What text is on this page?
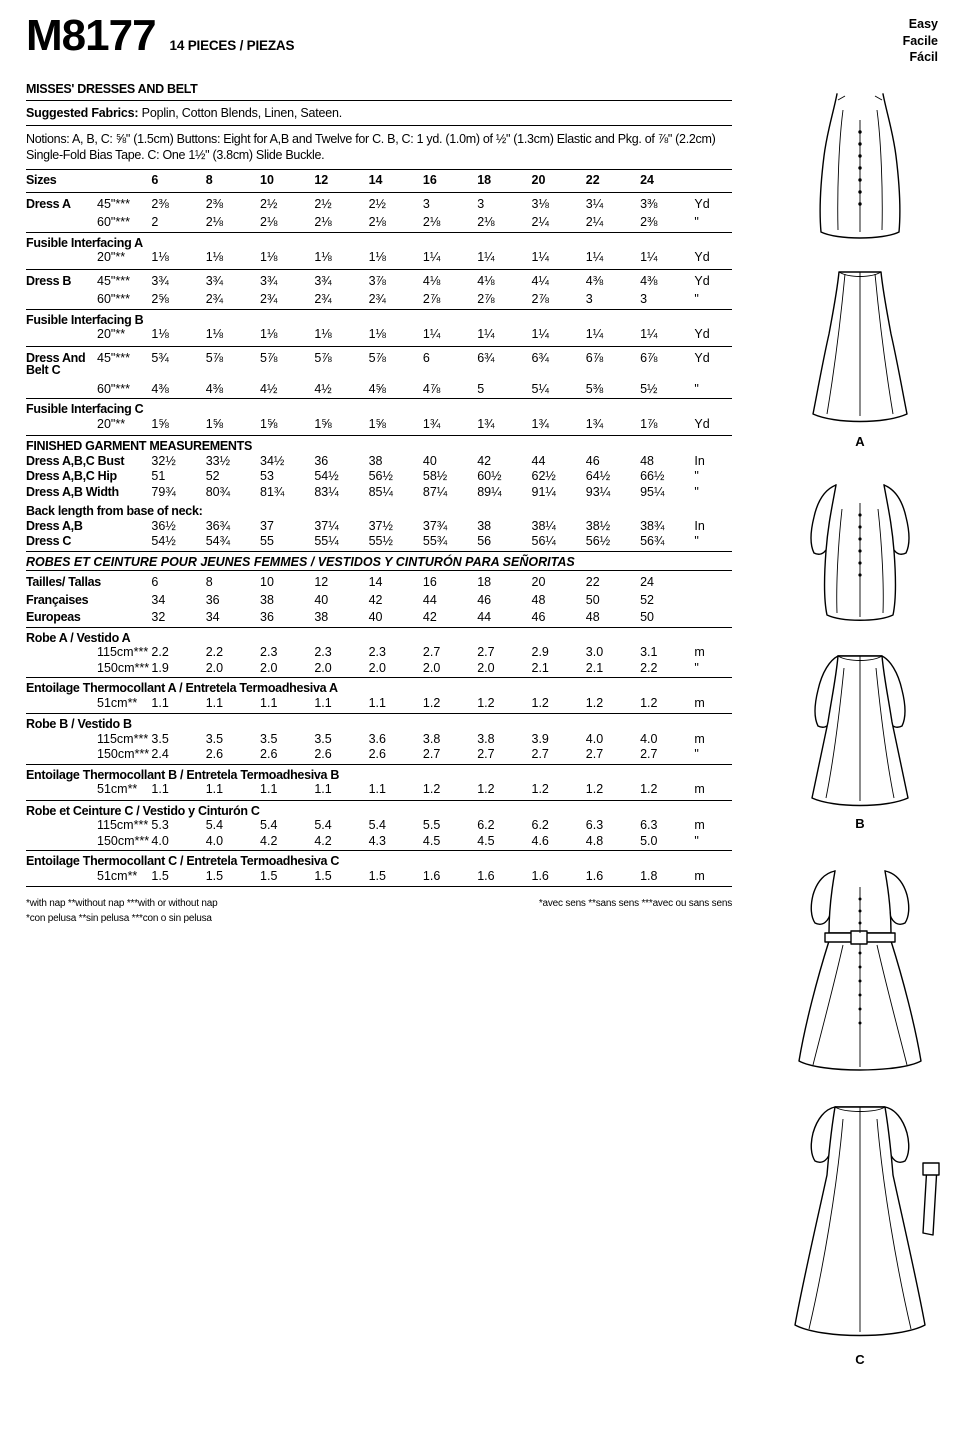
M8177 14 PIECES / PIEZAS
MISSES' DRESSES AND BELT
Suggested Fabrics: Poplin, Cotton Blends, Linen, Sateen.
Notions: A, B, C: ⅝" (1.5cm) Buttons: Eight for A,B and Twelve for C. B, C: 1 yd. (1.0m) of ½" (1.3cm) Elastic and Pkg. of ⅞" (2.2cm) Single-Fold Bias Tape. C: One 1½" (3.8cm) Slide Buckle.
Sizes		6	8	10	12	14	16	18	20	22	24	
Dress A	45"***	2⅜	2⅜	2½	2½	2½	3	3	3⅛	3¼	3⅜	Yd
	60"***	2	2⅛	2⅛	2⅛	2⅛	2⅛	2⅛	2¼	2¼	2⅜	"
Fusible Interfacing A												
	20"**	1⅛	1⅛	1⅛	1⅛	1⅛	1¼	1¼	1¼	1¼	1¼	Yd
Dress B	45"***	3¾	3¾	3¾	3¾	3⅞	4⅛	4⅛	4¼	4⅜	4⅜	Yd
	60"***	2⅝	2¾	2¾	2¾	2¾	2⅞	2⅞	2⅞	3	3	"
Fusible Interfacing B												
	20"**	1⅛	1⅛	1⅛	1⅛	1⅛	1¼	1¼	1¼	1¼	1¼	Yd
Dress And Belt C	45"***	5¾	5⅞	5⅞	5⅞	5⅞	6	6¾	6¾	6⅞	6⅞	Yd
	60"***	4⅜	4⅜	4½	4½	4⅝	4⅞	5	5¼	5⅜	5½	"
Fusible Interfacing C												
	20"**	1⅝	1⅝	1⅝	1⅝	1⅝	1¾	1¾	1¾	1¾	1⅞	Yd
FINISHED GARMENT MEASUREMENTS												
Dress A,B,C Bust		32½	33½	34½	36	38	40	42	44	46	48	In
Dress A,B,C Hip		51	52	53	54½	56½	58½	60½	62½	64½	66½	"
Dress A,B Width		79¾	80¾	81¾	83¼	85¼	87¼	89¼	91¼	93¼	95¼	"
Back length from base of neck:												
Dress A,B		36½	36¾	37	37¼	37½	37¾	38	38¼	38½	38¾	In
Dress C		54½	54¾	55	55¼	55½	55¾	56	56¼	56½	56¾	"
ROBES ET CEINTURE POUR JEUNES FEMMES / VESTIDOS Y CINTURÓN PARA SEÑORITAS												
Tailles/ Tallas		6	8	10	12	14	16	18	20	22	24	
Françaises		34	36	38	40	42	44	46	48	50	52	
Europeas		32	34	36	38	40	42	44	46	48	50	
Robe A / Vestido A												
	115cm***	2.2	2.2	2.3	2.3	2.3	2.7	2.7	2.9	3.0	3.1	m
	150cm***	1.9	2.0	2.0	2.0	2.0	2.0	2.0	2.1	2.1	2.2	"
Entoilage Thermocollant A / Entretela Termoadhesiva A												
	51cm**	1.1	1.1	1.1	1.1	1.1	1.2	1.2	1.2	1.2	1.2	m
Robe B / Vestido B												
	115cm***	3.5	3.5	3.5	3.5	3.6	3.8	3.8	3.9	4.0	4.0	m
	150cm***	2.4	2.6	2.6	2.6	2.6	2.7	2.7	2.7	2.7	2.7	"
Entoilage Thermocollant B / Entretela Termoadhesiva B												
	51cm**	1.1	1.1	1.1	1.1	1.1	1.2	1.2	1.2	1.2	1.2	m
Robe et Ceinture C / Vestido y Cinturón C												
	115cm***	5.3	5.4	5.4	5.4	5.4	5.5	6.2	6.2	6.3	6.3	m
	150cm***	4.0	4.0	4.2	4.2	4.3	4.5	4.5	4.6	4.8	5.0	"
Entoilage Thermocollant C / Entretela Termoadhesiva C												
	51cm**	1.5	1.5	1.5	1.5	1.5	1.6	1.6	1.6	1.6	1.8	m

*with nap **without nap ***with or without nap
*con pelusa **sin pelusa ***con o sin pelusa
*avec sens **sans sens ***avec ou sans sens
Easy
Facile
Fácil
A
B
C
